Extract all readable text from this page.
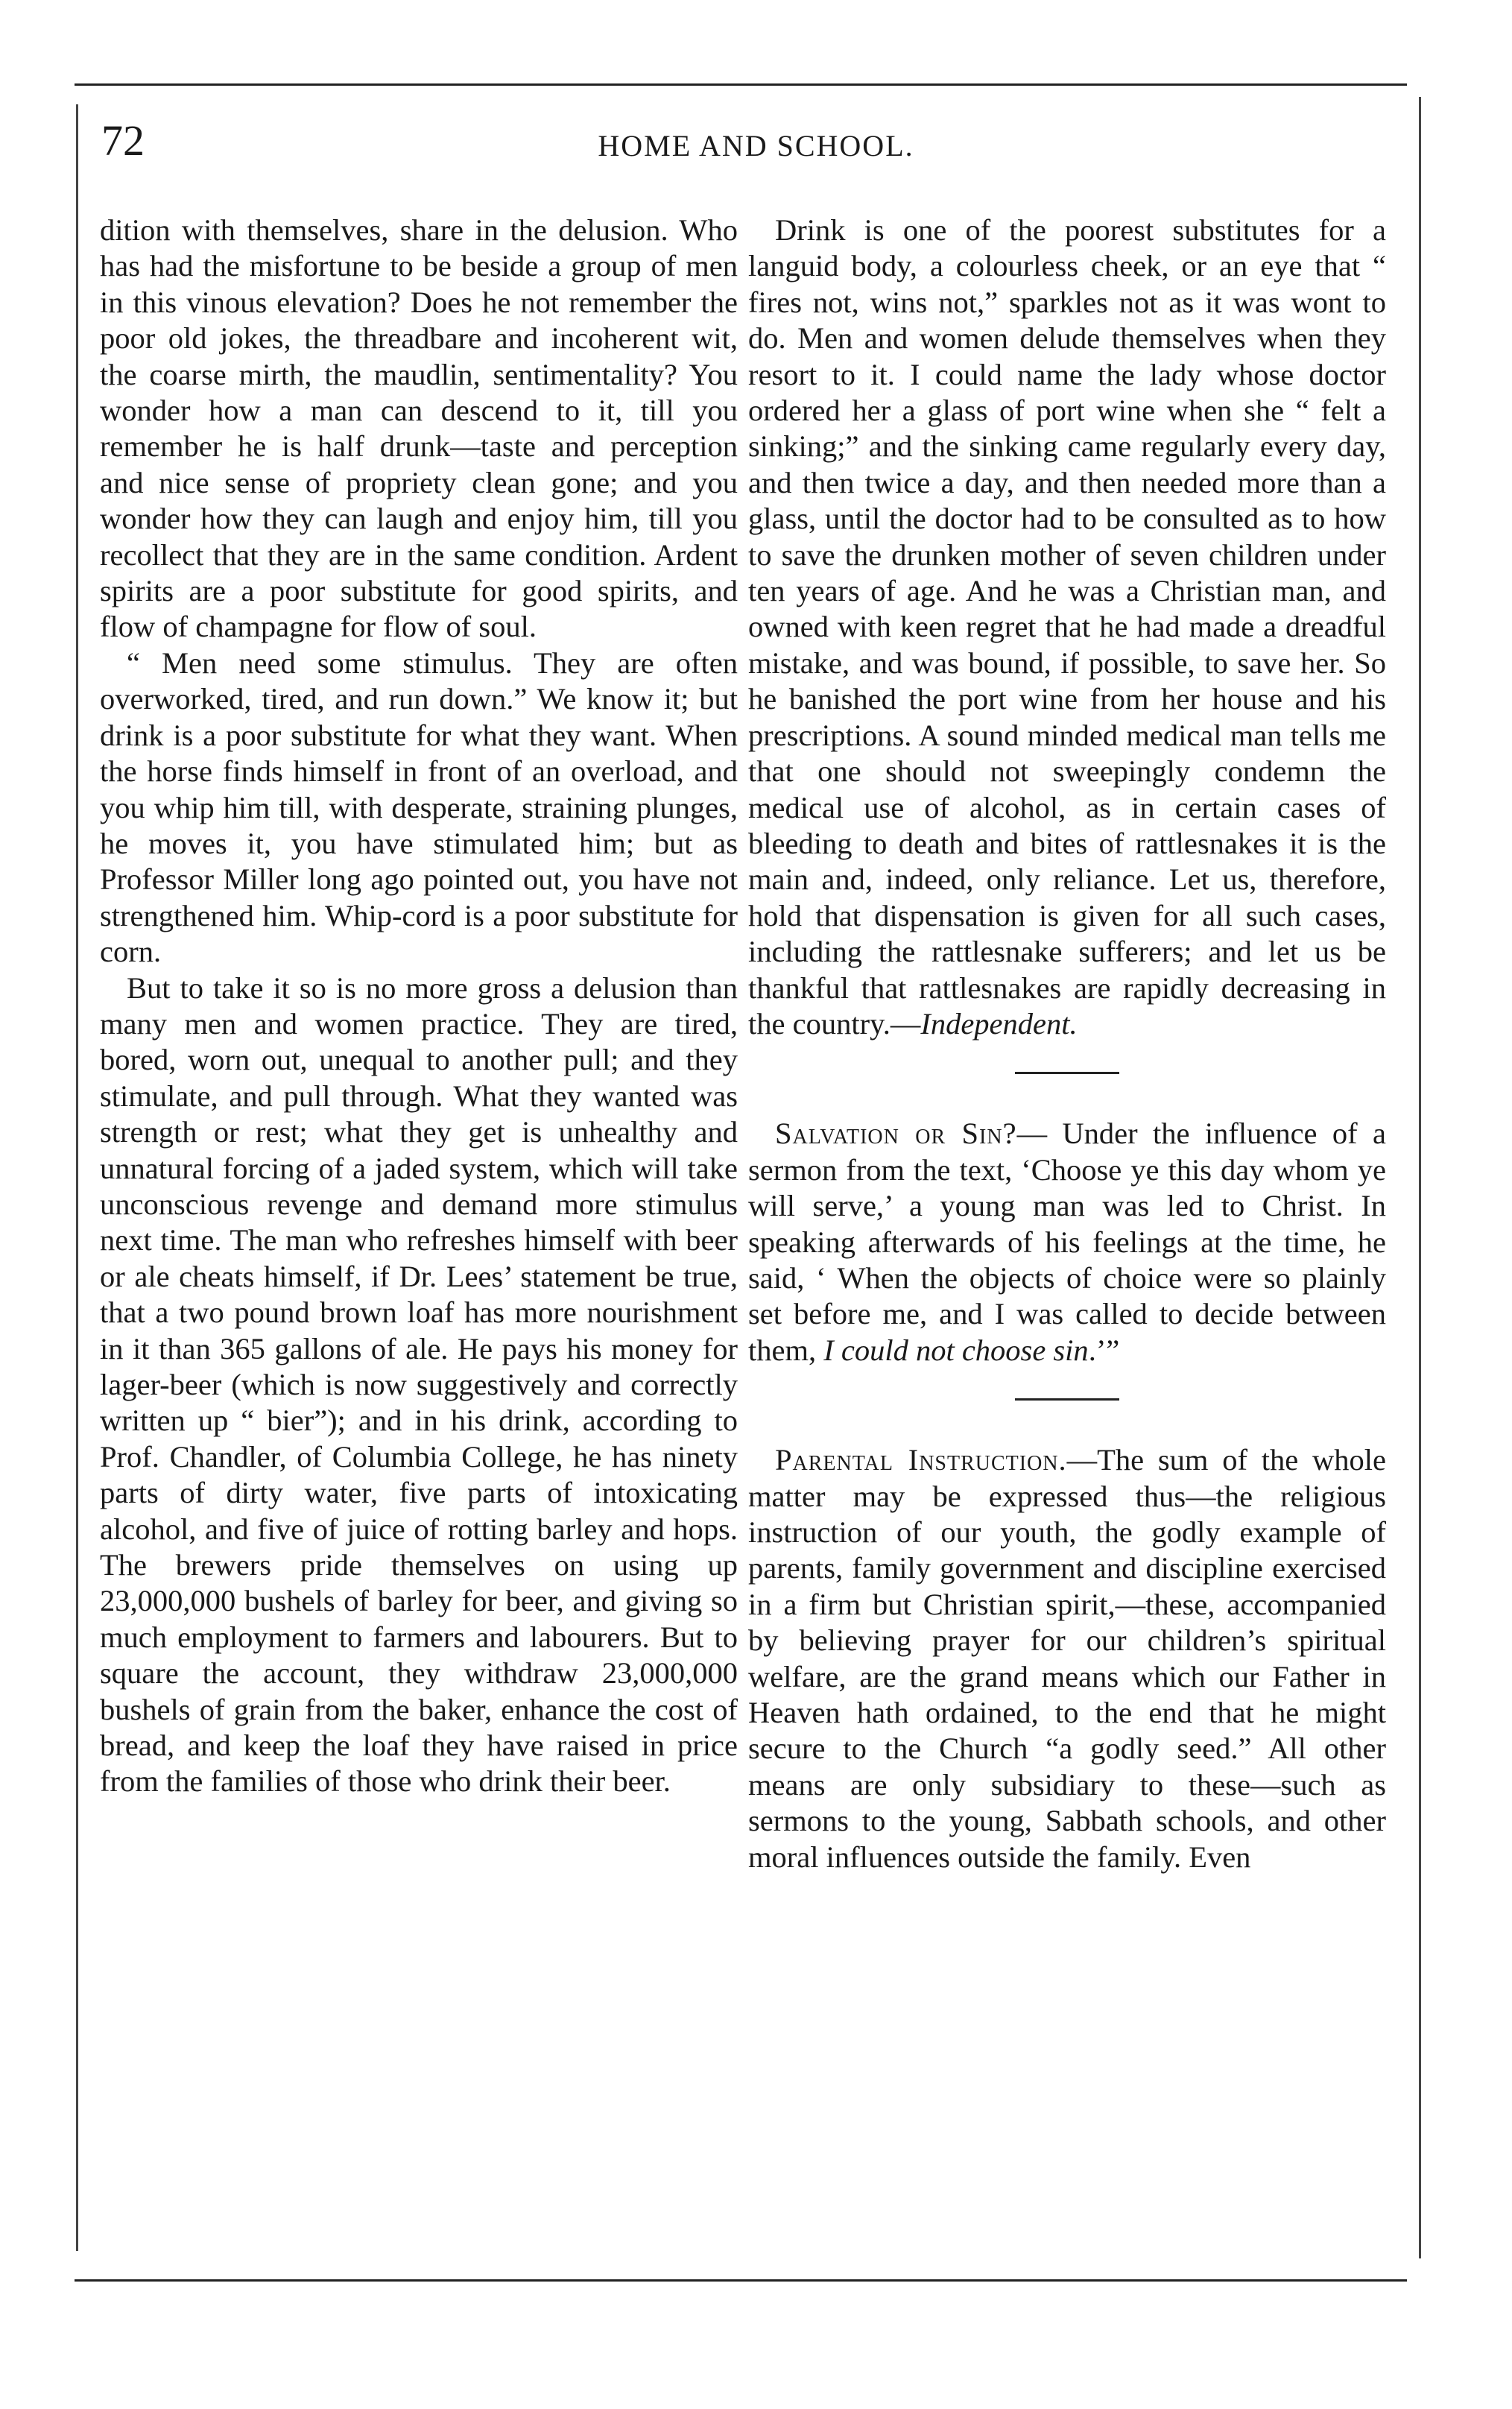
72	HOME AND SCHOOL.

dition with themselves, share in the delusion. Who has had the misfortune to be beside a group of men in this vinous elevation? Does he not remember the poor old jokes, the threadbare and incoherent wit, the coarse mirth, the maudlin, sentimentality? You wonder how a man can descend to it, till you remember he is half drunk—taste and perception and nice sense of propriety clean gone; and you wonder how they can laugh and enjoy him, till you recollect that they are in the same condition. Ardent spirits are a poor substitute for good spirits, and flow of champagne for flow of soul.

“ Men need some stimulus. They are often overworked, tired, and run down.” We know it; but drink is a poor substitute for what they want. When the horse finds himself in front of an overload, and you whip him till, with desperate, straining plunges, he moves it, you have stimulated him; but as Professor Miller long ago pointed out, you have not strengthened him. Whip-cord is a poor substitute for corn.

But to take it so is no more gross a delusion than many men and women practice. They are tired, bored, worn out, unequal to another pull; and they stimulate, and pull through. What they wanted was strength or rest; what they get is unhealthy and unnatural forcing of a jaded system, which will take unconscious revenge and demand more stimulus next time. The man who refreshes himself with beer or ale cheats himself, if Dr. Lees’ statement be true, that a two pound brown loaf has more nourishment in it than 365 gallons of ale. He pays his money for lager-beer (which is now suggestively and correctly written up “ bier”); and in his drink, according to Prof. Chandler, of Columbia College, he has ninety parts of dirty water, five parts of intoxicating alcohol, and five of juice of rotting barley and hops. The brewers pride themselves on using up 23,000,000 bushels of barley for beer, and giving so much employment to farmers and labourers. But to square the account, they withdraw 23,000,000 bushels of grain from the baker, enhance the cost of bread, and keep the loaf they have raised in price from the families of those who drink their beer.

Drink is one of the poorest substitutes for a languid body, a colourless cheek, or an eye that “ fires not, wins not,” sparkles not as it was wont to do. Men and women delude themselves when they resort to it. I could name the lady whose doctor ordered her a glass of port wine when she “ felt a sinking;” and the sinking came regularly every day, and then twice a day, and then needed more than a glass, until the doctor had to be consulted as to how to save the drunken mother of seven children under ten years of age. And he was a Christian man, and owned with keen regret that he had made a dreadful mistake, and was bound, if possible, to save her. So he banished the port wine from her house and his prescriptions. A sound minded medical man tells me that one should not sweepingly condemn the medical use of alcohol, as in certain cases of bleeding to death and bites of rattlesnakes it is the main and, indeed, only reliance. Let us, therefore, hold that dispensation is given for all such cases, including the rattlesnake sufferers; and let us be thankful that rattlesnakes are rapidly decreasing in the country.—Independent.

Salvation or Sin?— Under the influence of a sermon from the text, ‘Choose ye this day whom ye will serve,’ a young man was led to Christ. In speaking afterwards of his feelings at the time, he said, ‘ When the objects of choice were so plainly set before me, and I was called to decide between them, I could not choose sin.’”

Parental Instruction.—The sum of the whole matter may be expressed thus—the religious instruction of our youth, the godly example of parents, family government and discipline exercised in a firm but Christian spirit,—these, accompanied by believing prayer for our children’s spiritual welfare, are the grand means which our Father in Heaven hath ordained, to the end that he might secure to the Church “a godly seed.” All other means are only subsidiary to these—such as sermons to the young, Sabbath schools, and other moral influences outside the family. Even
